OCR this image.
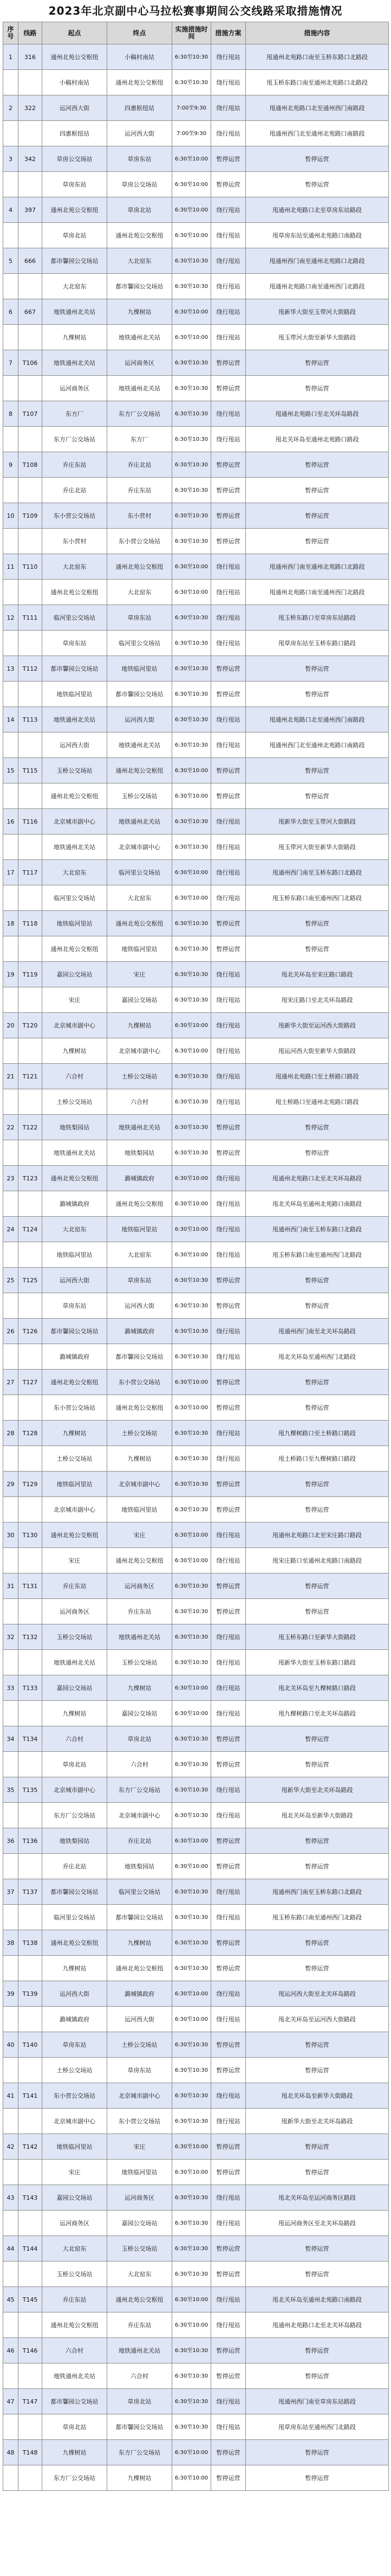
2023年北京副中心马拉松赛事期间公交线路采取措施情况
序号	线路	起点	终点	实施措施时间	措施方案	措施内容
1	316	通州北苑公交枢纽	小稿村南站	6:30至10:30	绕行甩站	甩通州北苑路口南至玉桥东路口北路段
		小稿村南站	通州北苑公交枢纽	6:30至10:30	绕行甩站	甩玉桥东路口南至通州北苑路口北路段
2	322	运河西大街	四惠枢纽站	7:00至9:30	绕行甩站	甩通州北苑路口北至通州西门南路段
		四惠枢纽站	运河西大街	7:00至9:30	绕行甩站	甩通州西门北至通州北苑路口南路段
3	342	草房公交场站	草房东站	6:30至10:00	暂停运营	暂停运营
		草房东站	草房公交场站	6:30至10:00	暂停运营	暂停运营
4	397	通州北苑公交枢纽	草房北站	6:30至10:00	绕行甩站	甩通州北苑路口北至草房东站路段
		草房北站	通州北苑公交枢纽	6:30至10:00	绕行甩站	甩草房东站至通州北苑路口南路段
5	666	都市馨园公交场站	大北窑东	6:30至10:30	绕行甩站	甩通州西门南至通州北苑路口北路段
		大北窑东	都市馨园公交场站	6:30至10:30	绕行甩站	甩通州北苑路口南至通州西门北路段
6	667	地铁通州北关站	九棵树站	6:30至10:00	绕行甩站	甩新华大街至玉带河大街路段
		九棵树站	地铁通州北关站	6:30至10:00	绕行甩站	甩玉带河大街至新华大街路段
7	T106	地铁通州北关站	运河商务区	6:30至10:30	暂停运营	暂停运营
		运河商务区	地铁通州北关站	6:30至10:30	暂停运营	暂停运营
8	T107	东方厂	东方厂公交场站	6:30至10:30	绕行甩站	甩通州北苑路口至北关环岛路段
		东方厂公交场站	东方厂	6:30至10:30	绕行甩站	甩北关环岛至通州北苑路口路段
9	T108	乔庄东站	乔庄北站	6:30至10:30	暂停运营	暂停运营
		乔庄北站	乔庄东站	6:30至10:30	暂停运营	暂停运营
10	T109	东小营公交场站	东小营村	6:30至10:30	暂停运营	暂停运营
		东小营村	东小营公交场站	6:30至10:30	暂停运营	暂停运营
11	T110	大北窑东	通州北苑公交枢纽	6:30至10:00	绕行甩站	甩通州西门南至通州北苑路口北路段
		通州北苑公交枢纽	大北窑东	6:30至10:00	绕行甩站	甩通州北苑路口南至通州西门北路段
12	T111	临河里公交场站	草房东站	6:30至10:30	绕行甩站	甩玉桥东路口至草房东站路段
		草房东站	临河里公交场站	6:30至10:30	绕行甩站	甩草房东站至玉桥东路口路段
13	T112	都市馨园公交场站	地铁临河里站	6:30至10:30	暂停运营	暂停运营
		地铁临河里站	都市馨园公交场站	6:30至10:30	暂停运营	暂停运营
14	T113	地铁通州北关站	运河西大街	6:30至10:30	绕行甩站	甩通州北苑路口北至通州西门南路段
		运河西大街	地铁通州北关站	6:30至10:30	绕行甩站	甩通州西门北至通州北苑路口南路段
15	T115	玉桥公交场站	通州北苑公交枢纽	6:30至10:00	暂停运营	暂停运营
		通州北苑公交枢纽	玉桥公交场站	6:30至10:00	暂停运营	暂停运营
16	T116	北京城市副中心	地铁通州北关站	6:30至10:30	绕行甩站	甩新华大街至玉带河大街路段
		地铁通州北关站	北京城市副中心	6:30至10:30	绕行甩站	甩玉带河大街至新华大街路段
17	T117	大北窑东	临河里公交场站	6:30至10:00	绕行甩站	甩通州西门南至玉桥东路口北路段
		临河里公交场站	大北窑东	6:30至10:00	绕行甩站	甩玉桥东路口南至通州西门北路段
18	T118	地铁临河里站	通州北苑公交枢纽	6:30至10:30	暂停运营	暂停运营
		通州北苑公交枢纽	地铁临河里站	6:30至10:30	暂停运营	暂停运营
19	T119	嘉园公交场站	宋庄	6:30至10:30	绕行甩站	甩北关环岛至宋庄路口路段
		宋庄	嘉园公交场站	6:30至10:30	绕行甩站	甩宋庄路口至北关环岛路段
20	T120	北京城市副中心	九棵树站	6:30至10:00	绕行甩站	甩新华大街至运河西大街路段
		九棵树站	北京城市副中心	6:30至10:00	绕行甩站	甩运河西大街至新华大街路段
21	T121	六合村	土桥公交场站	6:30至10:30	绕行甩站	甩通州北苑路口至土桥路口路段
		土桥公交场站	六合村	6:30至10:30	绕行甩站	甩土桥路口至通州北苑路口路段
22	T122	地铁梨园站	地铁通州北关站	6:30至10:30	暂停运营	暂停运营
		地铁通州北关站	地铁梨园站	6:30至10:30	暂停运营	暂停运营
23	T123	通州北苑公交枢纽	潞城镇政府	6:30至10:00	绕行甩站	甩通州北苑路口北至北关环岛路段
		潞城镇政府	通州北苑公交枢纽	6:30至10:00	绕行甩站	甩北关环岛至通州北苑路口南路段
24	T124	大北窑东	地铁临河里站	6:30至10:00	绕行甩站	甩通州西门南至玉桥东路口北路段
		地铁临河里站	大北窑东	6:30至10:00	绕行甩站	甩玉桥东路口南至通州西门北路段
25	T125	运河西大街	草房东站	6:30至10:30	暂停运营	暂停运营
		草房东站	运河西大街	6:30至10:30	暂停运营	暂停运营
26	T126	都市馨园公交场站	潞城镇政府	6:30至10:30	绕行甩站	甩通州西门南至北关环岛路段
		潞城镇政府	都市馨园公交场站	6:30至10:30	绕行甩站	甩北关环岛至通州西门北路段
27	T127	通州北苑公交枢纽	东小营公交场站	6:30至10:00	暂停运营	暂停运营
		东小营公交场站	通州北苑公交枢纽	6:30至10:00	暂停运营	暂停运营
28	T128	九棵树站	土桥公交场站	6:30至10:30	绕行甩站	甩九棵树路口至土桥路口路段
		土桥公交场站	九棵树站	6:30至10:30	绕行甩站	甩土桥路口至九棵树路口路段
29	T129	地铁临河里站	北京城市副中心	6:30至10:30	暂停运营	暂停运营
		北京城市副中心	地铁临河里站	6:30至10:30	暂停运营	暂停运营
30	T130	通州北苑公交枢纽	宋庄	6:30至10:00	绕行甩站	甩通州北苑路口北至宋庄路口路段
		宋庄	通州北苑公交枢纽	6:30至10:00	绕行甩站	甩宋庄路口至通州北苑路口南路段
31	T131	乔庄东站	运河商务区	6:30至10:30	暂停运营	暂停运营
		运河商务区	乔庄东站	6:30至10:30	暂停运营	暂停运营
32	T132	玉桥公交场站	地铁通州北关站	6:30至10:30	绕行甩站	甩玉桥东路口至新华大街路段
		地铁通州北关站	玉桥公交场站	6:30至10:30	绕行甩站	甩新华大街至玉桥东路口路段
33	T133	嘉园公交场站	九棵树站	6:30至10:00	绕行甩站	甩北关环岛至九棵树路口路段
		九棵树站	嘉园公交场站	6:30至10:00	绕行甩站	甩九棵树路口至北关环岛路段
34	T134	六合村	草房北站	6:30至10:30	暂停运营	暂停运营
		草房北站	六合村	6:30至10:30	暂停运营	暂停运营
35	T135	北京城市副中心	东方厂公交场站	6:30至10:30	绕行甩站	甩新华大街至北关环岛路段
		东方厂公交场站	北京城市副中心	6:30至10:30	绕行甩站	甩北关环岛至新华大街路段
36	T136	地铁梨园站	乔庄北站	6:30至10:00	暂停运营	暂停运营
		乔庄北站	地铁梨园站	6:30至10:00	暂停运营	暂停运营
37	T137	都市馨园公交场站	临河里公交场站	6:30至10:30	绕行甩站	甩通州西门南至玉桥东路口北路段
		临河里公交场站	都市馨园公交场站	6:30至10:30	绕行甩站	甩玉桥东路口南至通州西门北路段
38	T138	通州北苑公交枢纽	九棵树站	6:30至10:30	暂停运营	暂停运营
		九棵树站	通州北苑公交枢纽	6:30至10:30	暂停运营	暂停运营
39	T139	运河西大街	潞城镇政府	6:30至10:00	绕行甩站	甩运河西大街至北关环岛路段
		潞城镇政府	运河西大街	6:30至10:00	绕行甩站	甩北关环岛至运河西大街路段
40	T140	草房东站	土桥公交场站	6:30至10:30	暂停运营	暂停运营
		土桥公交场站	草房东站	6:30至10:30	暂停运营	暂停运营
41	T141	东小营公交场站	北京城市副中心	6:30至10:30	绕行甩站	甩北关环岛至新华大街路段
		北京城市副中心	东小营公交场站	6:30至10:30	绕行甩站	甩新华大街至北关环岛路段
42	T142	地铁临河里站	宋庄	6:30至10:00	暂停运营	暂停运营
		宋庄	地铁临河里站	6:30至10:00	暂停运营	暂停运营
43	T143	嘉园公交场站	运河商务区	6:30至10:30	绕行甩站	甩北关环岛至运河商务区路段
		运河商务区	嘉园公交场站	6:30至10:30	绕行甩站	甩运河商务区至北关环岛路段
44	T144	大北窑东	玉桥公交场站	6:30至10:30	暂停运营	暂停运营
		玉桥公交场站	大北窑东	6:30至10:30	暂停运营	暂停运营
45	T145	乔庄东站	通州北苑公交枢纽	6:30至10:00	绕行甩站	甩北关环岛至通州北苑路口南路段
		通州北苑公交枢纽	乔庄东站	6:30至10:00	绕行甩站	甩通州北苑路口北至北关环岛路段
46	T146	六合村	地铁通州北关站	6:30至10:30	暂停运营	暂停运营
		地铁通州北关站	六合村	6:30至10:30	暂停运营	暂停运营
47	T147	都市馨园公交场站	草房北站	6:30至10:30	绕行甩站	甩通州西门南至草房东站路段
		草房北站	都市馨园公交场站	6:30至10:30	绕行甩站	甩草房东站至通州西门北路段
48	T148	九棵树站	东方厂公交场站	6:30至10:00	暂停运营	暂停运营
		东方厂公交场站	九棵树站	6:30至10:00	暂停运营	暂停运营
